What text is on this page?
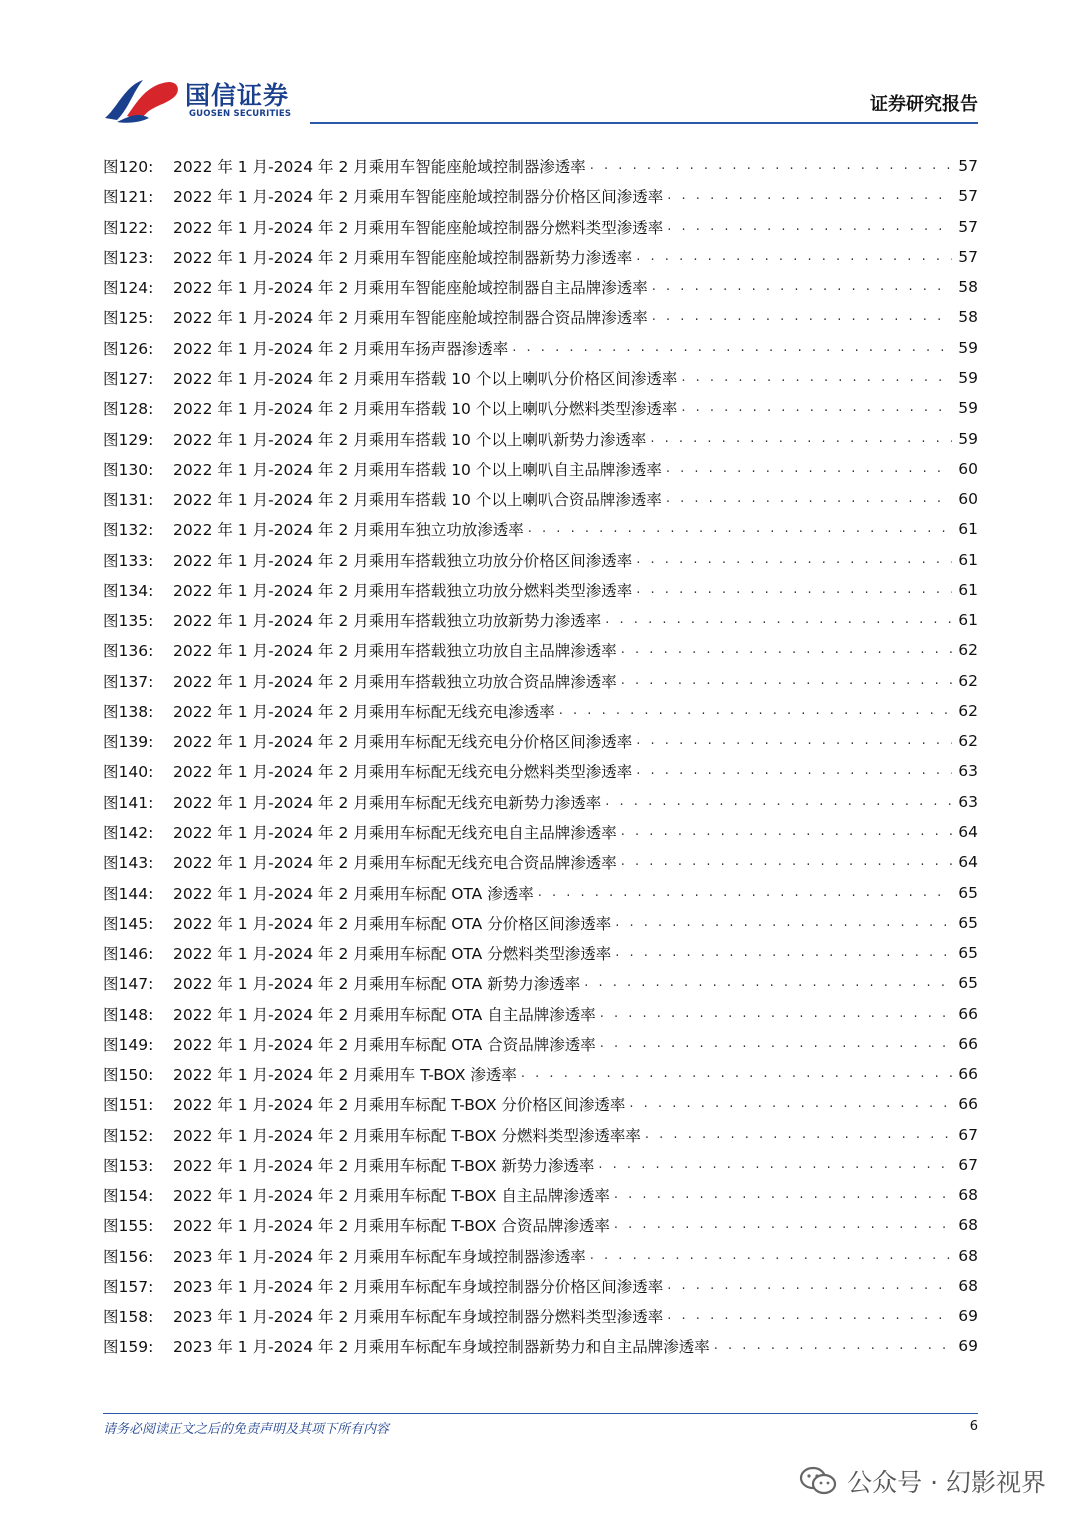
国信证券
GUOSEN SECURITIES	证券研究报告
图120:	2022 年 1 月-2024 年 2 月乘用车智能座舱域控制器渗透率 . . .	57
图121:	2022 年 1 月-2024 年 2 月乘用车智能座舱域控制器分价格区间渗透率 . . .	57
图122:	2022 年 1 月-2024 年 2 月乘用车智能座舱域控制器分燃料类型渗透率 . . .	57
图123:	2022 年 1 月-2024 年 2 月乘用车智能座舱域控制器新势力渗透率 . . .	57
图124:	2022 年 1 月-2024 年 2 月乘用车智能座舱域控制器自主品牌渗透率 . . .	58
图125:	2022 年 1 月-2024 年 2 月乘用车智能座舱域控制器合资品牌渗透率 . . .	58
图126:	2022 年 1 月-2024 年 2 月乘用车扬声器渗透率 . . .	59
图127:	2022 年 1 月-2024 年 2 月乘用车搭载 10 个以上喇叭分价格区间渗透率 . . .	59
图128:	2022 年 1 月-2024 年 2 月乘用车搭载 10 个以上喇叭分燃料类型渗透率 . . .	59
图129:	2022 年 1 月-2024 年 2 月乘用车搭载 10 个以上喇叭新势力渗透率 . . .	59
图130:	2022 年 1 月-2024 年 2 月乘用车搭载 10 个以上喇叭自主品牌渗透率 . . .	60
图131:	2022 年 1 月-2024 年 2 月乘用车搭载 10 个以上喇叭合资品牌渗透率 . . .	60
图132:	2022 年 1 月-2024 年 2 月乘用车独立功放渗透率 . . .	61
图133:	2022 年 1 月-2024 年 2 月乘用车搭载独立功放分价格区间渗透率 . . .	61
图134:	2022 年 1 月-2024 年 2 月乘用车搭载独立功放分燃料类型渗透率 . . .	61
图135:	2022 年 1 月-2024 年 2 月乘用车搭载独立功放新势力渗透率 . . .	61
图136:	2022 年 1 月-2024 年 2 月乘用车搭载独立功放自主品牌渗透率 . . .	62
图137:	2022 年 1 月-2024 年 2 月乘用车搭载独立功放合资品牌渗透率 . . .	62
图138:	2022 年 1 月-2024 年 2 月乘用车标配无线充电渗透率 . . .	62
图139:	2022 年 1 月-2024 年 2 月乘用车标配无线充电分价格区间渗透率 . . .	62
图140:	2022 年 1 月-2024 年 2 月乘用车标配无线充电分燃料类型渗透率 . . .	63
图141:	2022 年 1 月-2024 年 2 月乘用车标配无线充电新势力渗透率 . . .	63
图142:	2022 年 1 月-2024 年 2 月乘用车标配无线充电自主品牌渗透率 . . .	64
图143:	2022 年 1 月-2024 年 2 月乘用车标配无线充电合资品牌渗透率 . . .	64
图144:	2022 年 1 月-2024 年 2 月乘用车标配 OTA 渗透率 . . .	65
图145:	2022 年 1 月-2024 年 2 月乘用车标配 OTA 分价格区间渗透率 . . .	65
图146:	2022 年 1 月-2024 年 2 月乘用车标配 OTA 分燃料类型渗透率 . . .	65
图147:	2022 年 1 月-2024 年 2 月乘用车标配 OTA 新势力渗透率 . . .	65
图148:	2022 年 1 月-2024 年 2 月乘用车标配 OTA 自主品牌渗透率 . . .	66
图149:	2022 年 1 月-2024 年 2 月乘用车标配 OTA 合资品牌渗透率 . . .	66
图150:	2022 年 1 月-2024 年 2 月乘用车 T-BOX 渗透率 . . .	66
图151:	2022 年 1 月-2024 年 2 月乘用车标配 T-BOX 分价格区间渗透率 . . .	66
图152:	2022 年 1 月-2024 年 2 月乘用车标配 T-BOX 分燃料类型渗透率率 . . .	67
图153:	2022 年 1 月-2024 年 2 月乘用车标配 T-BOX 新势力渗透率 . . .	67
图154:	2022 年 1 月-2024 年 2 月乘用车标配 T-BOX 自主品牌渗透率 . . .	68
图155:	2022 年 1 月-2024 年 2 月乘用车标配 T-BOX 合资品牌渗透率 . . .	68
图156:	2023 年 1 月-2024 年 2 月乘用车标配车身域控制器渗透率 . . .	68
图157:	2023 年 1 月-2024 年 2 月乘用车标配车身域控制器分价格区间渗透率 . . .	68
图158:	2023 年 1 月-2024 年 2 月乘用车标配车身域控制器分燃料类型渗透率 . . .	69
图159:	2023 年 1 月-2024 年 2 月乘用车标配车身域控制器新势力和自主品牌渗透率 . . .	69
请务必阅读正文之后的免责声明及其项下所有内容	6
公众号 · 幻影视界
